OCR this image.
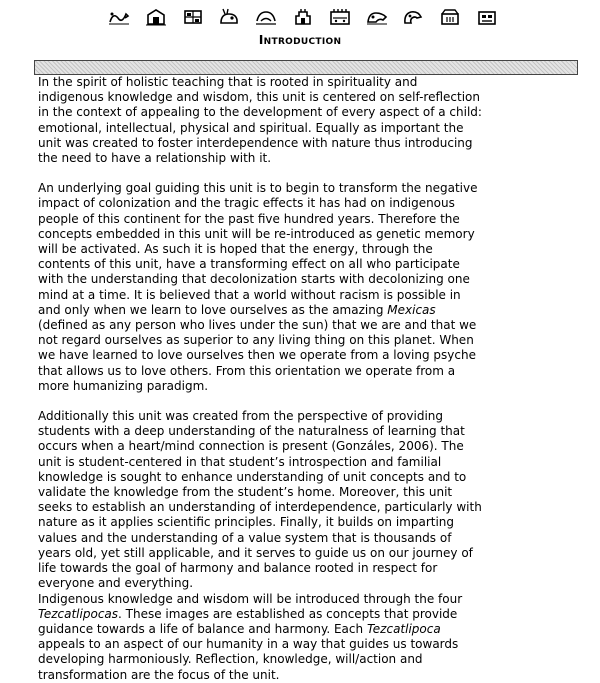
Introduction

In the spirit of holistic teaching that is rooted in spirituality and
indigenous knowledge and wisdom, this unit is centered on self-reflection
in the context of appealing to the development of every aspect of a child:
emotional, intellectual, physical and spiritual. Equally as important the
unit was created to foster interdependence with nature thus introducing
the need to have a relationship with it.

An underlying goal guiding this unit is to begin to transform the negative
impact of colonization and the tragic effects it has had on indigenous
people of this continent for the past five hundred years. Therefore the
concepts embedded in this unit will be re-introduced as genetic memory
will be activated. As such it is hoped that the energy, through the
contents of this unit, have a transforming effect on all who participate
with the understanding that decolonization starts with decolonizing one
mind at a time. It is believed that a world without racism is possible in
and only when we learn to love ourselves as the amazing Mexicas
(defined as any person who lives under the sun) that we are and that we
not regard ourselves as superior to any living thing on this planet. When
we have learned to love ourselves then we operate from a loving psyche
that allows us to love others. From this orientation we operate from a
more humanizing paradigm.

Additionally this unit was created from the perspective of providing
students with a deep understanding of the naturalness of learning that
occurs when a heart/mind connection is present (Gonzáles, 2006). The
unit is student-centered in that student’s introspection and familial
knowledge is sought to enhance understanding of unit concepts and to
validate the knowledge from the student’s home. Moreover, this unit
seeks to establish an understanding of interdependence, particularly with
nature as it applies scientific principles. Finally, it builds on imparting
values and the understanding of a value system that is thousands of
years old, yet still applicable, and it serves to guide us on our journey of
life towards the goal of harmony and balance rooted in respect for
everyone and everything.

Indigenous knowledge and wisdom will be introduced through the four
Tezcatlipocas. These images are established as concepts that provide
guidance towards a life of balance and harmony. Each Tezcatlipoca
appeals to an aspect of our humanity in a way that guides us towards
developing harmoniously. Reflection, knowledge, will/action and
transformation are the focus of the unit.
